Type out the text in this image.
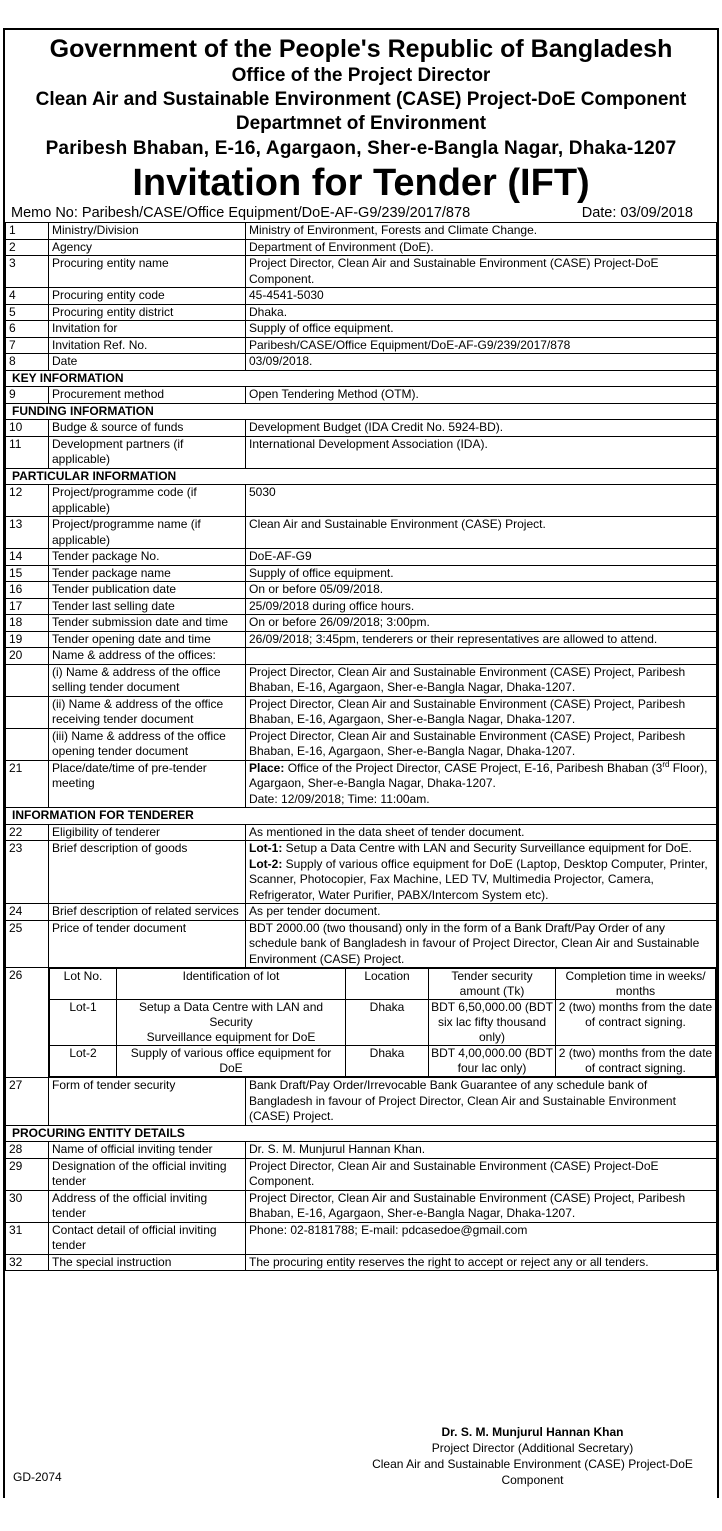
Government of the People's Republic of Bangladesh
Office of the Project Director
Clean Air and Sustainable Environment (CASE) Project-DoE Component
Departmnet of Environment
Paribesh Bhaban, E-16, Agargaon, Sher-e-Bangla Nagar, Dhaka-1207
Invitation for Tender (IFT)
Memo No: Paribesh/CASE/Office Equipment/DoE-AF-G9/239/2017/878	Date: 03/09/2018
1	Ministry/Division	Ministry of Environment, Forests and Climate Change.
2	Agency	Department of Environment (DoE).
3	Procuring entity name	Project Director, Clean Air and Sustainable Environment (CASE) Project-DoE Component.
4	Procuring entity code	45-4541-5030
5	Procuring entity district	Dhaka.
6	Invitation for	Supply of office equipment.
7	Invitation Ref. No.	Paribesh/CASE/Office Equipment/DoE-AF-G9/239/2017/878
8	Date	03/09/2018.
KEY INFORMATION
9	Procurement method	Open Tendering Method (OTM).
FUNDING INFORMATION
10	Budge & source of funds	Development Budget (IDA Credit No. 5924-BD).
11	Development partners (if applicable)	International Development Association (IDA).
PARTICULAR INFORMATION
12	Project/programme code (if applicable)	5030
13	Project/programme name (if applicable)	Clean Air and Sustainable Environment (CASE) Project.
14	Tender package No.	DoE-AF-G9
15	Tender package name	Supply of office equipment.
16	Tender publication date	On or before 05/09/2018.
17	Tender last selling date	25/09/2018 during office hours.
18	Tender submission date and time	On or before 26/09/2018; 3:00pm.
19	Tender opening date and time	26/09/2018; 3:45pm, tenderers or their representatives are allowed to attend.
20	Name & address of the offices:	
	(i) Name & address of the office selling tender document	Project Director, Clean Air and Sustainable Environment (CASE) Project, Paribesh Bhaban, E-16, Agargaon, Sher-e-Bangla Nagar, Dhaka-1207.
	(ii) Name & address of the office receiving tender document	Project Director, Clean Air and Sustainable Environment (CASE) Project, Paribesh Bhaban, E-16, Agargaon, Sher-e-Bangla Nagar, Dhaka-1207.
	(iii) Name & address of the office opening tender document	Project Director, Clean Air and Sustainable Environment (CASE) Project, Paribesh Bhaban, E-16, Agargaon, Sher-e-Bangla Nagar, Dhaka-1207.
21	Place/date/time of pre-tender meeting	Place: Office of the Project Director, CASE Project, E-16, Paribesh Bhaban (3rd Floor), Agargaon, Sher-e-Bangla Nagar, Dhaka-1207.
Date: 12/09/2018; Time: 11:00am.
INFORMATION FOR TENDERER
22	Eligibility of tenderer	As mentioned in the data sheet of tender document.
23	Brief description of goods	Lot-1: Setup a Data Centre with LAN and Security Surveillance equipment for DoE.
Lot-2: Supply of various office equipment for DoE (Laptop, Desktop Computer, Printer, Scanner, Photocopier, Fax Machine, LED TV, Multimedia Projector, Camera, Refrigerator, Water Purifier, PABX/Intercom System etc).
24	Brief description of related services	As per tender document.
25	Price of tender document	BDT 2000.00 (two thousand) only in the form of a Bank Draft/Pay Order of any schedule bank of Bangladesh in favour of Project Director, Clean Air and Sustainable Environment (CASE) Project.
26		Lot No.	Identification of lot	Location	Tender security amount (Tk)	Completion time in weeks/ months
Lot-1	Setup a Data Centre with LAN and Security
Surveillance equipment for DoE	Dhaka	BDT 6,50,000.00 (BDT six lac fifty thousand only)	2 (two) months from the date of contract signing.
Lot-2	Supply of various office equipment for DoE	Dhaka	BDT 4,00,000.00 (BDT four lac only)	2 (two) months from the date of contract signing.

27	Form of tender security	Bank Draft/Pay Order/Irrevocable Bank Guarantee of any schedule bank of Bangladesh in favour of Project Director, Clean Air and Sustainable Environment (CASE) Project.
PROCURING ENTITY DETAILS
28	Name of official inviting tender	Dr. S. M. Munjurul Hannan Khan.
29	Designation of the official inviting tender	Project Director, Clean Air and Sustainable Environment (CASE) Project-DoE Component.
30	Address of the official inviting tender	Project Director, Clean Air and Sustainable Environment (CASE) Project, Paribesh Bhaban, E-16, Agargaon, Sher-e-Bangla Nagar, Dhaka-1207.
31	Contact detail of official inviting tender	Phone: 02-8181788; E-mail: pdcasedoe@gmail.com
32	The special instruction	The procuring entity reserves the right to accept or reject any or all tenders.
Dr. S. M. Munjurul Hannan Khan
Project Director (Additional Secretary)
Clean Air and Sustainable Environment (CASE) Project-DoE
Component
GD-2074
